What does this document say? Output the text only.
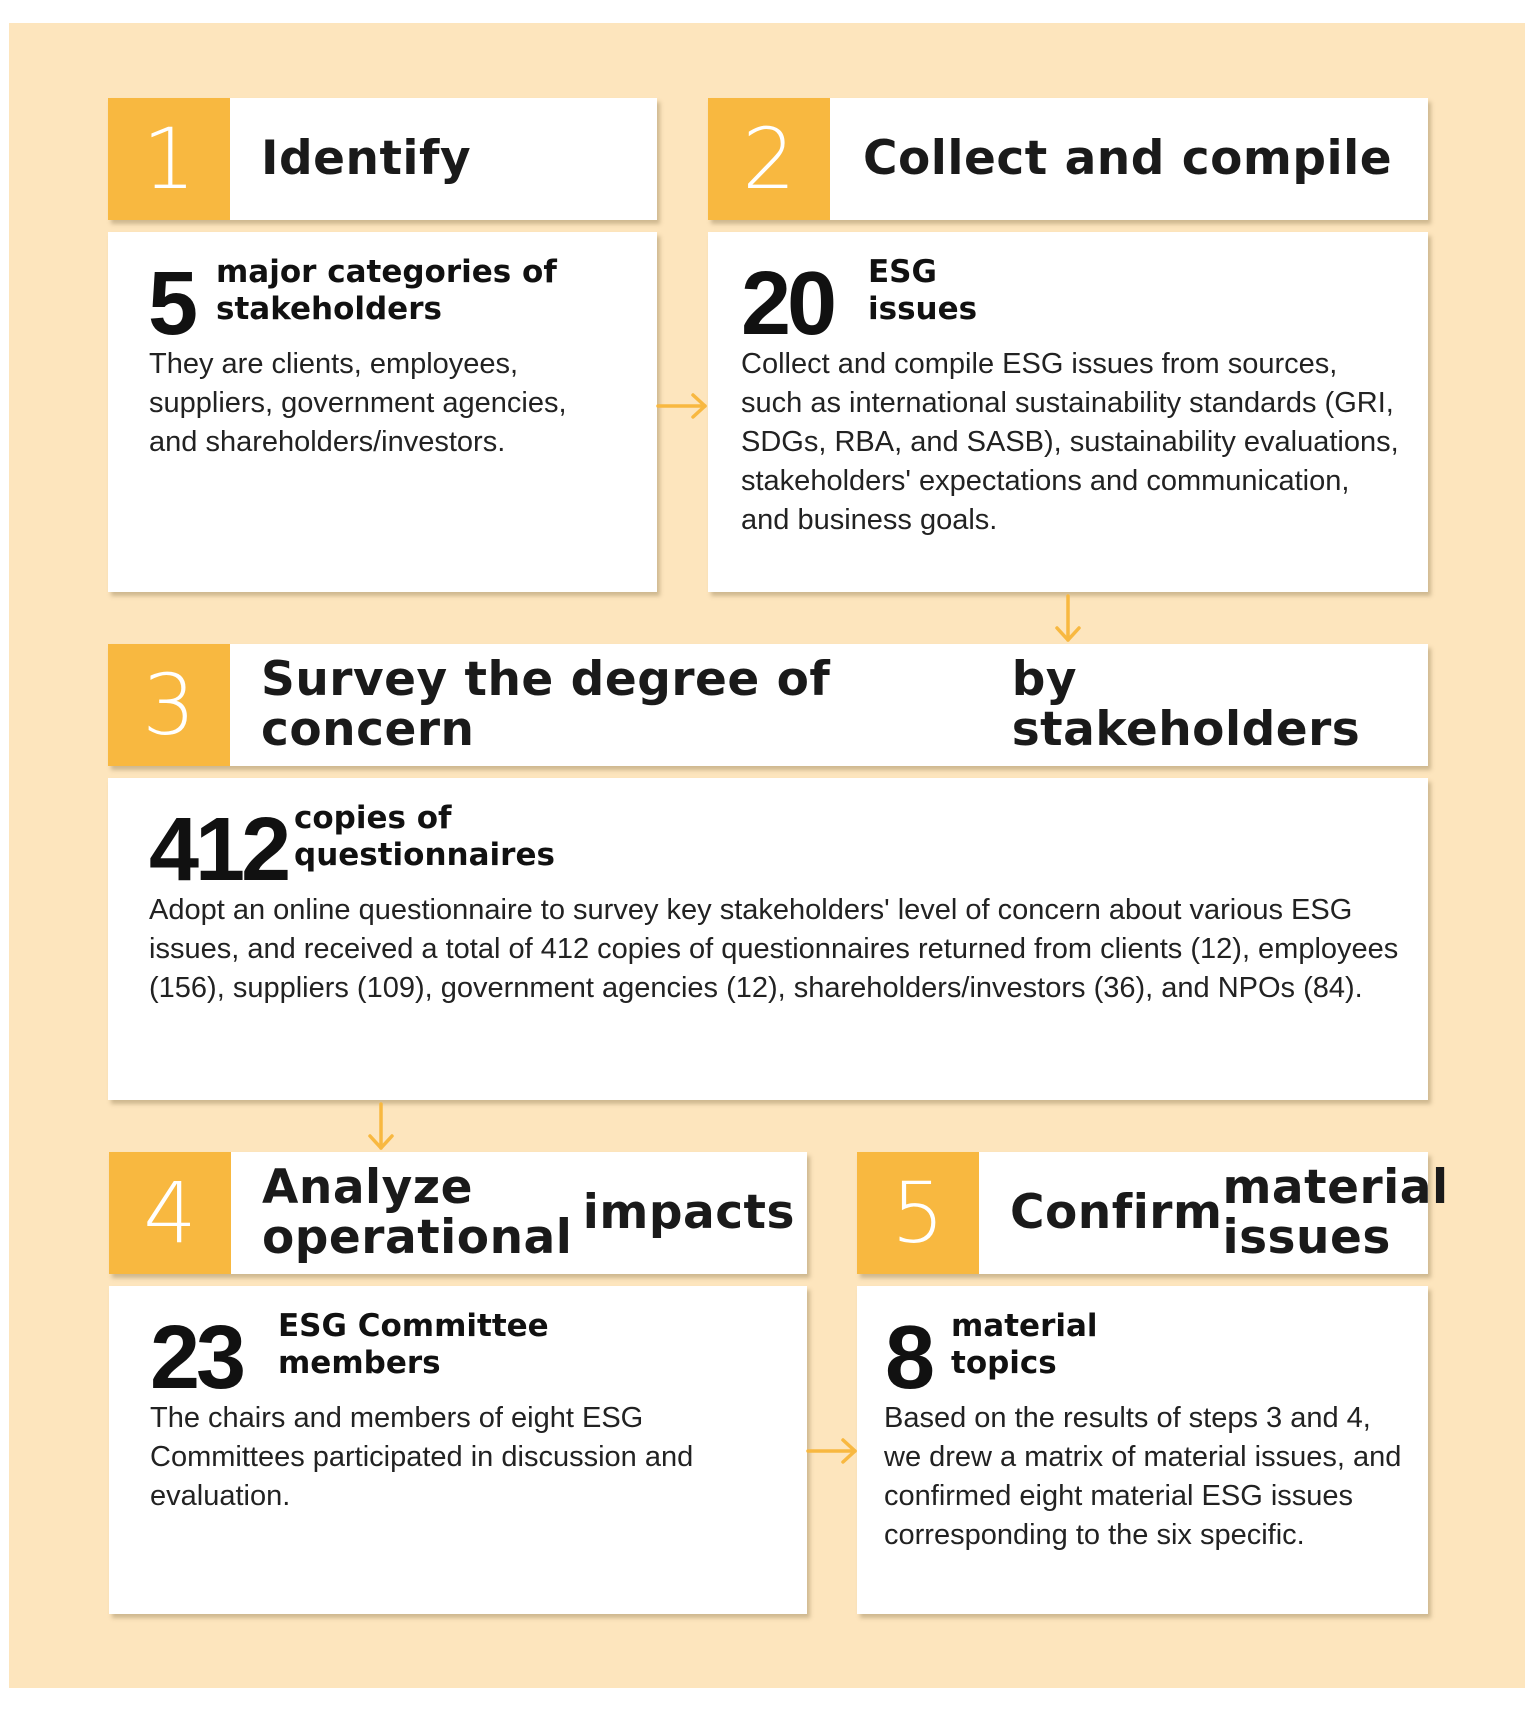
1	Identify
5 major categories of
stakeholders

They are clients, employees, suppliers, government agencies, and shareholders/investors.

2	Collect and compile
20 ESG
issues

Collect and compile ESG issues from sources, such as international sustainability standards (GRI, SDGs, RBA, and SASB), sustainability evaluations, stakeholders' expectations and communication, and business goals.

3	Survey the degree of concern
by stakeholders
412 copies of
questionnaires

Adopt an online questionnaire to survey key stakeholders' level of concern about various ESG issues, and received a total of 412 copies of questionnaires returned from clients (12), employees (156), suppliers (109), government agencies (12), shareholders/investors (36), and NPOs (84).

4	Analyze operational impacts
23 ESG Committee
members

The chairs and members of eight ESG Committees participated in discussion and evaluation.

5	Confirm material issues
8 material
topics

Based on the results of steps 3 and 4, we drew a matrix of material issues, and confirmed eight material ESG issues corresponding to the six specific.
